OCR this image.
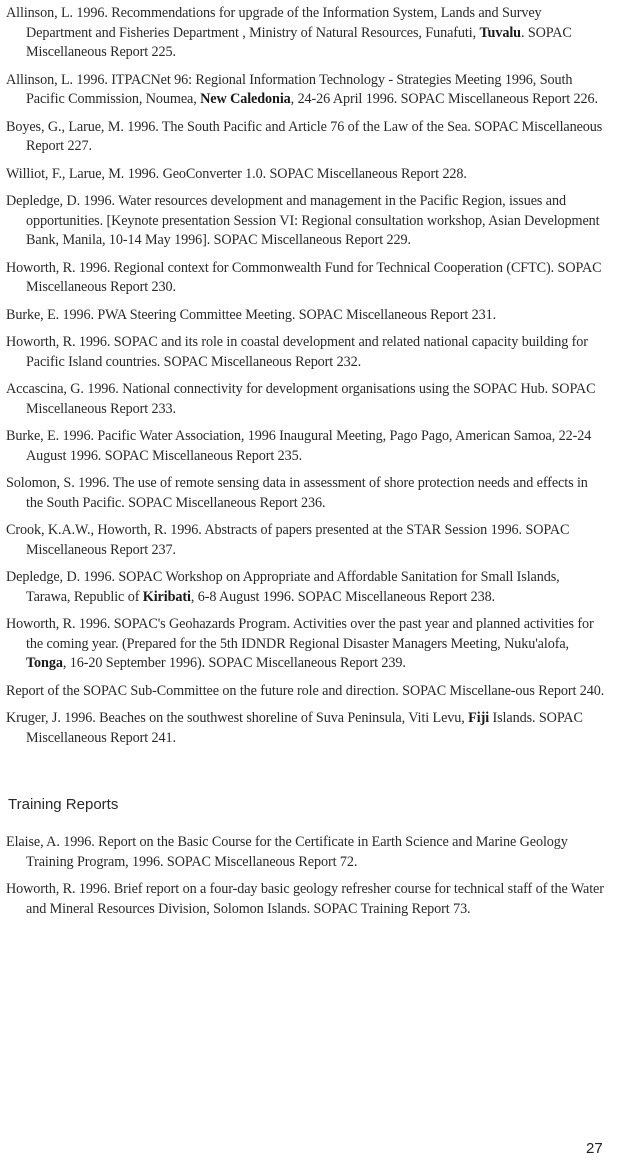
Allinson, L. 1996. Recommendations for upgrade of the Information System, Lands and Survey Department and Fisheries Department , Ministry of Natural Resources, Funafuti, Tuvalu. SOPAC Miscellaneous Report 225.

Allinson, L. 1996. ITPACNet 96: Regional Information Technology - Strategies Meeting 1996, South Pacific Commission, Noumea, New Caledonia, 24-26 April 1996. SOPAC Miscellaneous Report 226.

Boyes, G., Larue, M. 1996. The South Pacific and Article 76 of the Law of the Sea. SOPAC Miscellaneous Report 227.

Williot, F., Larue, M. 1996. GeoConverter 1.0. SOPAC Miscellaneous Report 228.

Depledge, D. 1996. Water resources development and management in the Pacific Region, issues and opportunities. [Keynote presentation Session VI: Regional consultation workshop, Asian Development Bank, Manila, 10-14 May 1996]. SOPAC Miscellaneous Report 229.

Howorth, R. 1996. Regional context for Commonwealth Fund for Technical Cooperation (CFTC). SOPAC Miscellaneous Report 230.

Burke, E. 1996. PWA Steering Committee Meeting. SOPAC Miscellaneous Report 231.

Howorth, R. 1996. SOPAC and its role in coastal development and related national capacity building for Pacific Island countries. SOPAC Miscellaneous Report 232.

Accascina, G. 1996. National connectivity for development organisations using the SOPAC Hub. SOPAC Miscellaneous Report 233.

Burke, E. 1996. Pacific Water Association, 1996 Inaugural Meeting, Pago Pago, American Samoa, 22-24 August 1996. SOPAC Miscellaneous Report 235.

Solomon, S. 1996. The use of remote sensing data in assessment of shore protection needs and effects in the South Pacific. SOPAC Miscellaneous Report 236.

Crook, K.A.W., Howorth, R. 1996. Abstracts of papers presented at the STAR Session 1996. SOPAC Miscellaneous Report 237.

Depledge, D. 1996. SOPAC Workshop on Appropriate and Affordable Sanitation for Small Islands, Tarawa, Republic of Kiribati, 6-8 August 1996. SOPAC Miscellaneous Report 238.

Howorth, R. 1996. SOPAC's Geohazards Program. Activities over the past year and planned activities for the coming year. (Prepared for the 5th IDNDR Regional Disaster Managers Meeting, Nuku'alofa, Tonga, 16-20 September 1996). SOPAC Miscellaneous Report 239.

Report of the SOPAC Sub-Committee on the future role and direction. SOPAC Miscellane-ous Report 240.

Kruger, J. 1996. Beaches on the southwest shoreline of Suva Peninsula, Viti Levu, Fiji Islands. SOPAC Miscellaneous Report 241.

Training Reports

Elaise, A. 1996. Report on the Basic Course for the Certificate in Earth Science and Marine Geology Training Program, 1996. SOPAC Miscellaneous Report 72.

Howorth, R. 1996. Brief report on a four-day basic geology refresher course for technical staff of the Water and Mineral Resources Division, Solomon Islands. SOPAC Training Report 73.

27
